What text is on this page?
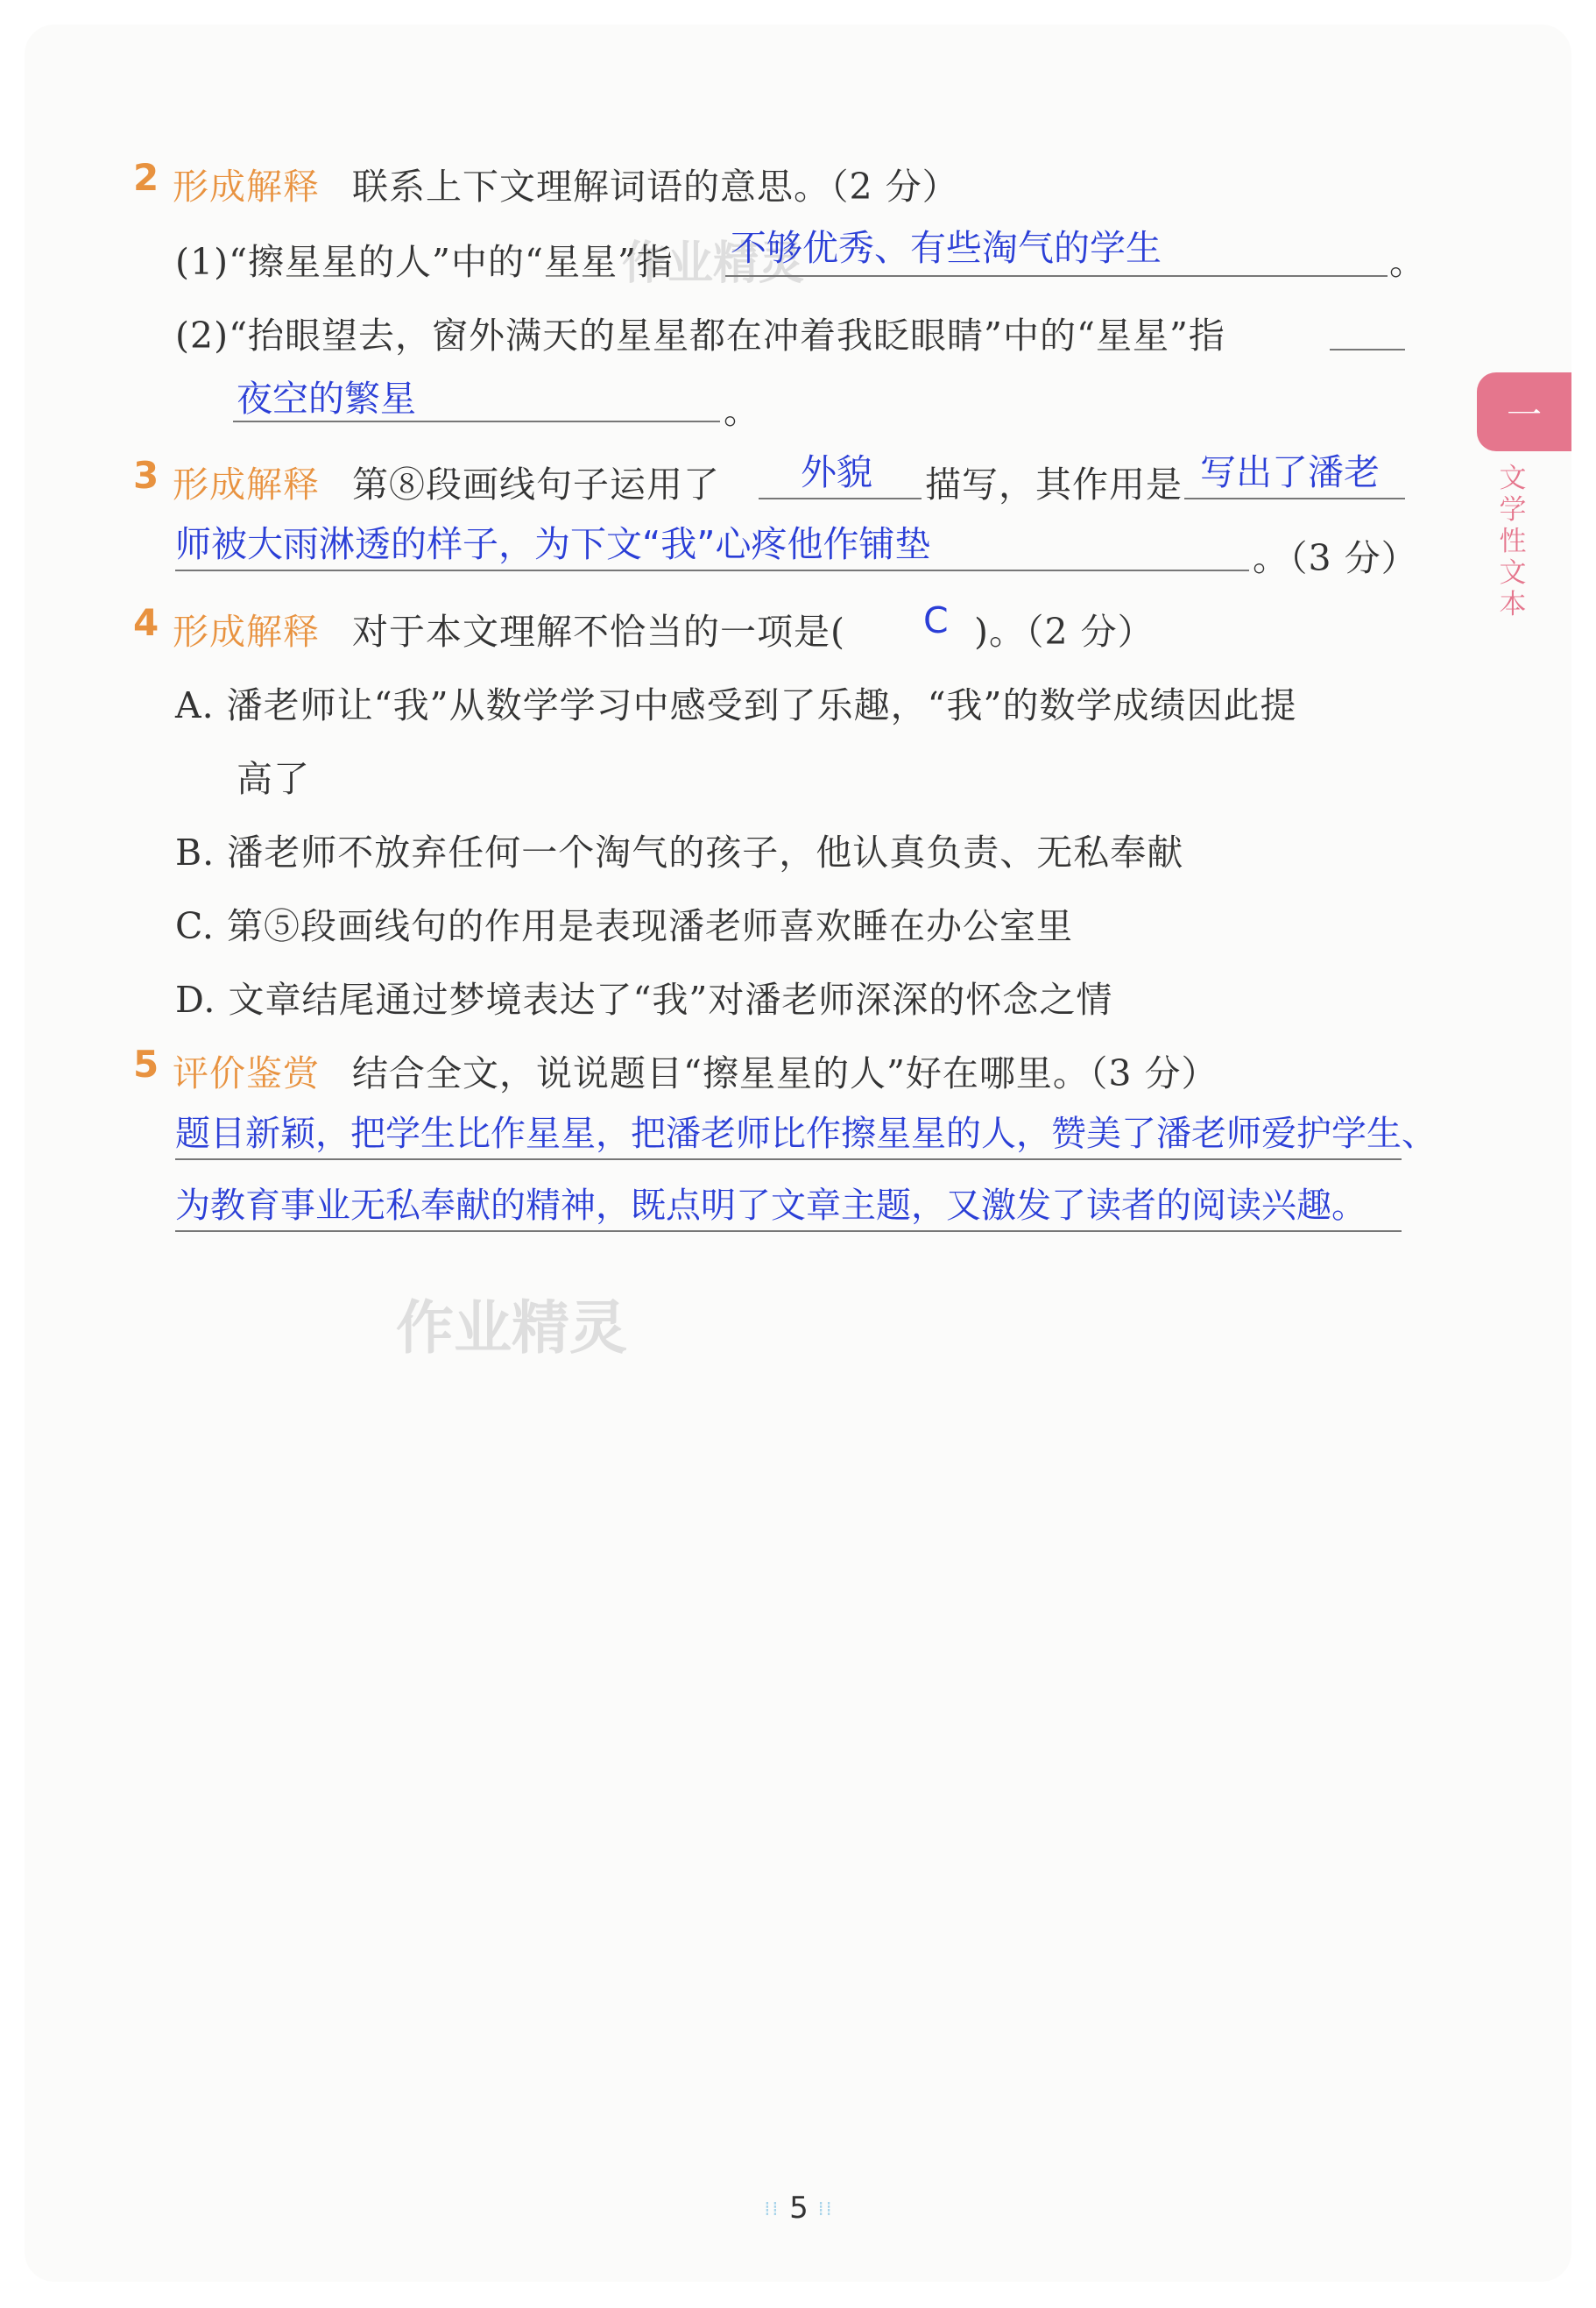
一
文学性文本
作业精灵
作业精灵
2 形成解释 联系上下文理解词语的意思。（2 分）
(1)“擦星星的人”中的“星星”指 不够优秀、有些淘气的学生	。
(2)“抬眼望去，窗外满天的星星都在冲着我眨眼睛”中的“星星”指
夜空的繁星	。
3 形成解释 第⑧段画线句子运用了 外貌 描写，其作用是 写出了潘老
师被大雨淋透的样子，为下文“我”心疼他作铺垫	。（3 分）
4 形成解释 对于本文理解不恰当的一项是( C )。（2 分）
A. 潘老师让“我”从数学学习中感受到了乐趣，“我”的数学成绩因此提
高了
B. 潘老师不放弃任何一个淘气的孩子，他认真负责、无私奉献
C. 第⑤段画线句的作用是表现潘老师喜欢睡在办公室里
D. 文章结尾通过梦境表达了“我”对潘老师深深的怀念之情
5 评价鉴赏 结合全文，说说题目“擦星星的人”好在哪里。（3 分）
题目新颖，把学生比作星星，把潘老师比作擦星星的人，赞美了潘老师爱护学生、
为教育事业无私奉献的精神，既点明了文章主题，又激发了读者的阅读兴趣。
⁞⁞ 5 ⁞⁞
